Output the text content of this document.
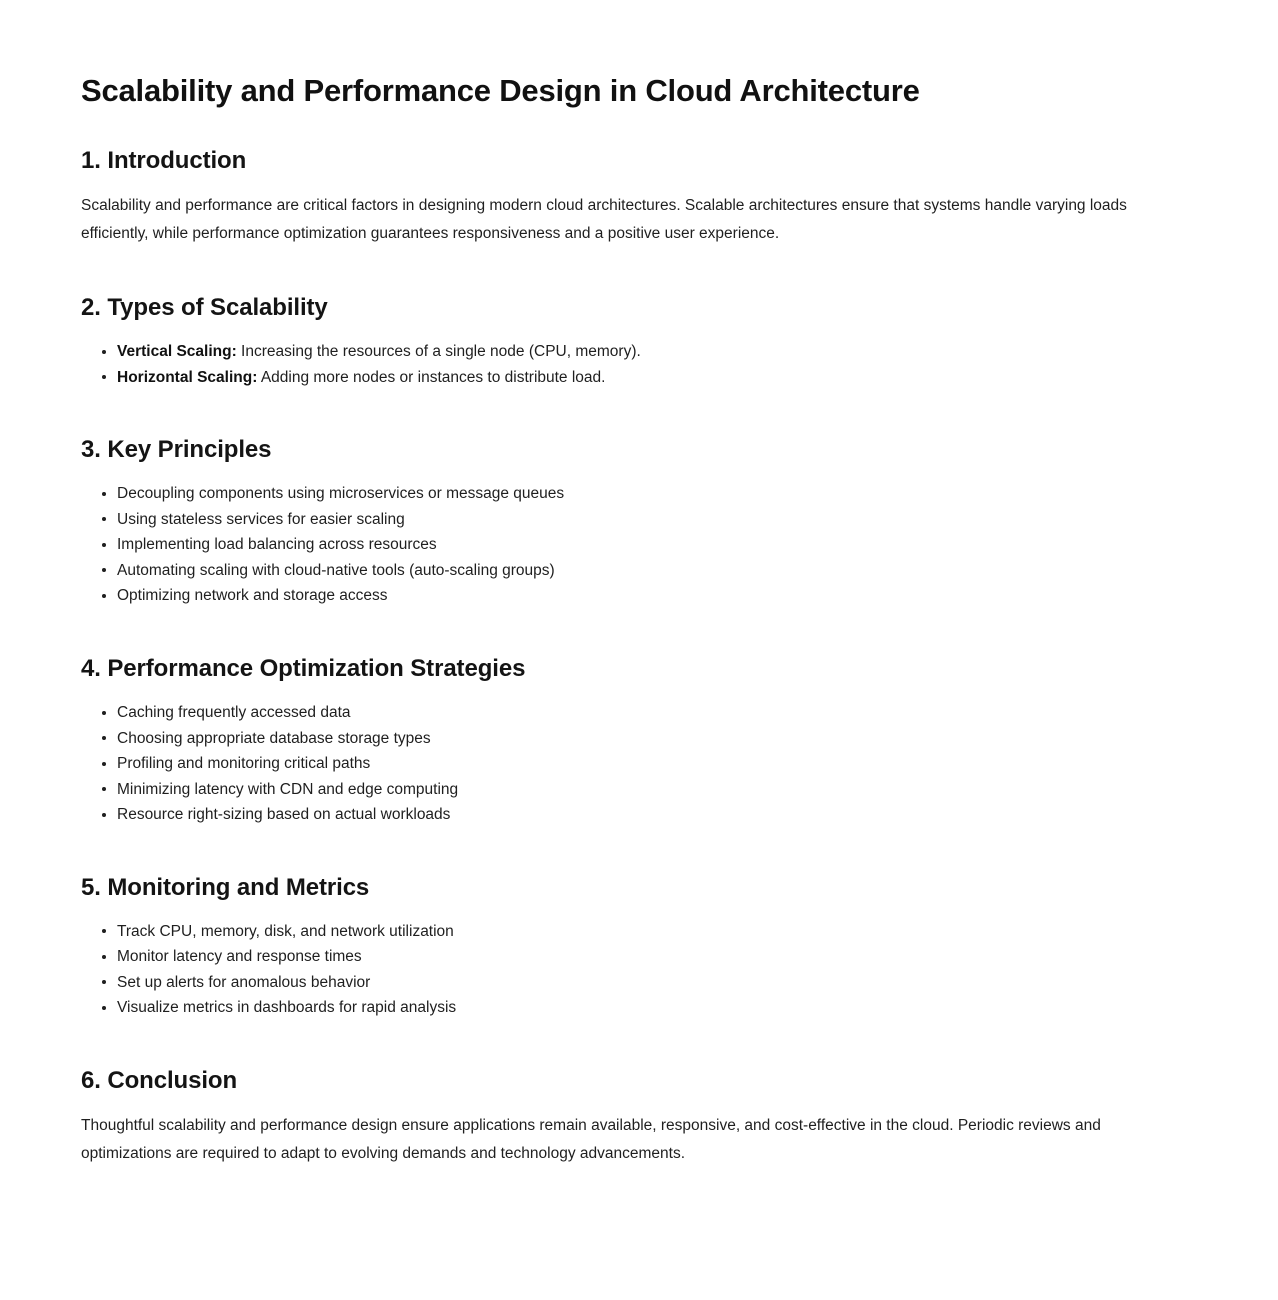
Scalability and Performance Design in Cloud Architecture
1. Introduction

Scalability and performance are critical factors in designing modern cloud architectures. Scalable architectures ensure that systems handle varying loads efficiently, while performance optimization guarantees responsiveness and a positive user experience.

2. Types of Scalability
Vertical Scaling: Increasing the resources of a single node (CPU, memory).
Horizontal Scaling: Adding more nodes or instances to distribute load.
3. Key Principles
Decoupling components using microservices or message queues
Using stateless services for easier scaling
Implementing load balancing across resources
Automating scaling with cloud-native tools (auto-scaling groups)
Optimizing network and storage access
4. Performance Optimization Strategies
Caching frequently accessed data
Choosing appropriate database storage types
Profiling and monitoring critical paths
Minimizing latency with CDN and edge computing
Resource right-sizing based on actual workloads
5. Monitoring and Metrics
Track CPU, memory, disk, and network utilization
Monitor latency and response times
Set up alerts for anomalous behavior
Visualize metrics in dashboards for rapid analysis
6. Conclusion

Thoughtful scalability and performance design ensure applications remain available, responsive, and cost-effective in the cloud. Periodic reviews and optimizations are required to adapt to evolving demands and technology advancements.
